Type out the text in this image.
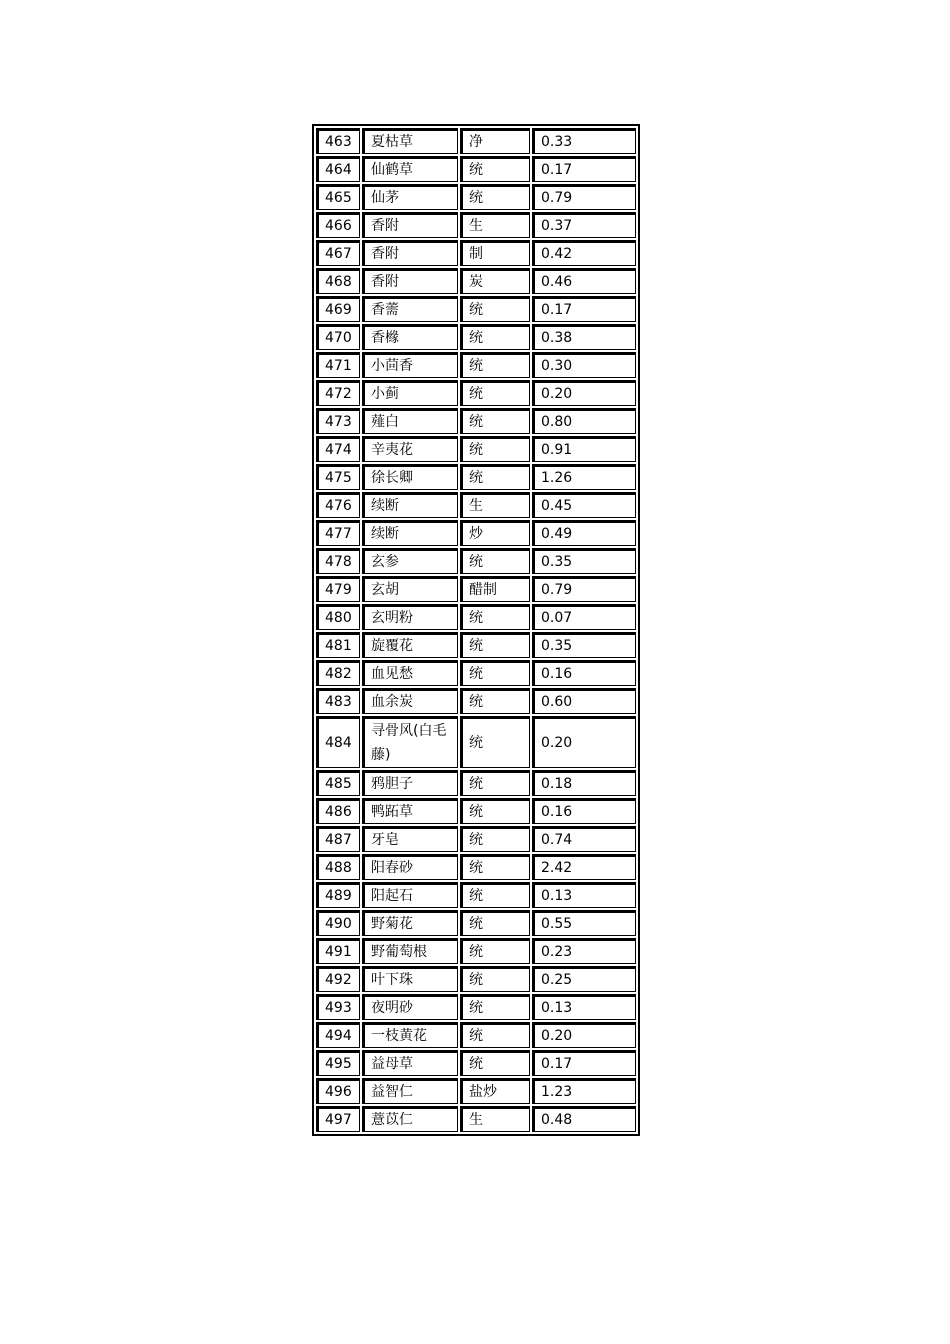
463	夏枯草	净	0.33
464	仙鹤草	统	0.17
465	仙茅	统	0.79
466	香附	生	0.37
467	香附	制	0.42
468	香附	炭	0.46
469	香薷	统	0.17
470	香橼	统	0.38
471	小茴香	统	0.30
472	小蓟	统	0.20
473	薤白	统	0.80
474	辛夷花	统	0.91
475	徐长卿	统	1.26
476	续断	生	0.45
477	续断	炒	0.49
478	玄参	统	0.35
479	玄胡	醋制	0.79
480	玄明粉	统	0.07
481	旋覆花	统	0.35
482	血见愁	统	0.16
483	血余炭	统	0.60
484	寻骨风(白毛藤)	统	0.20
485	鸦胆子	统	0.18
486	鸭跖草	统	0.16
487	牙皂	统	0.74
488	阳春砂	统	2.42
489	阳起石	统	0.13
490	野菊花	统	0.55
491	野葡萄根	统	0.23
492	叶下珠	统	0.25
493	夜明砂	统	0.13
494	一枝黄花	统	0.20
495	益母草	统	0.17
496	益智仁	盐炒	1.23
497	薏苡仁	生	0.48
